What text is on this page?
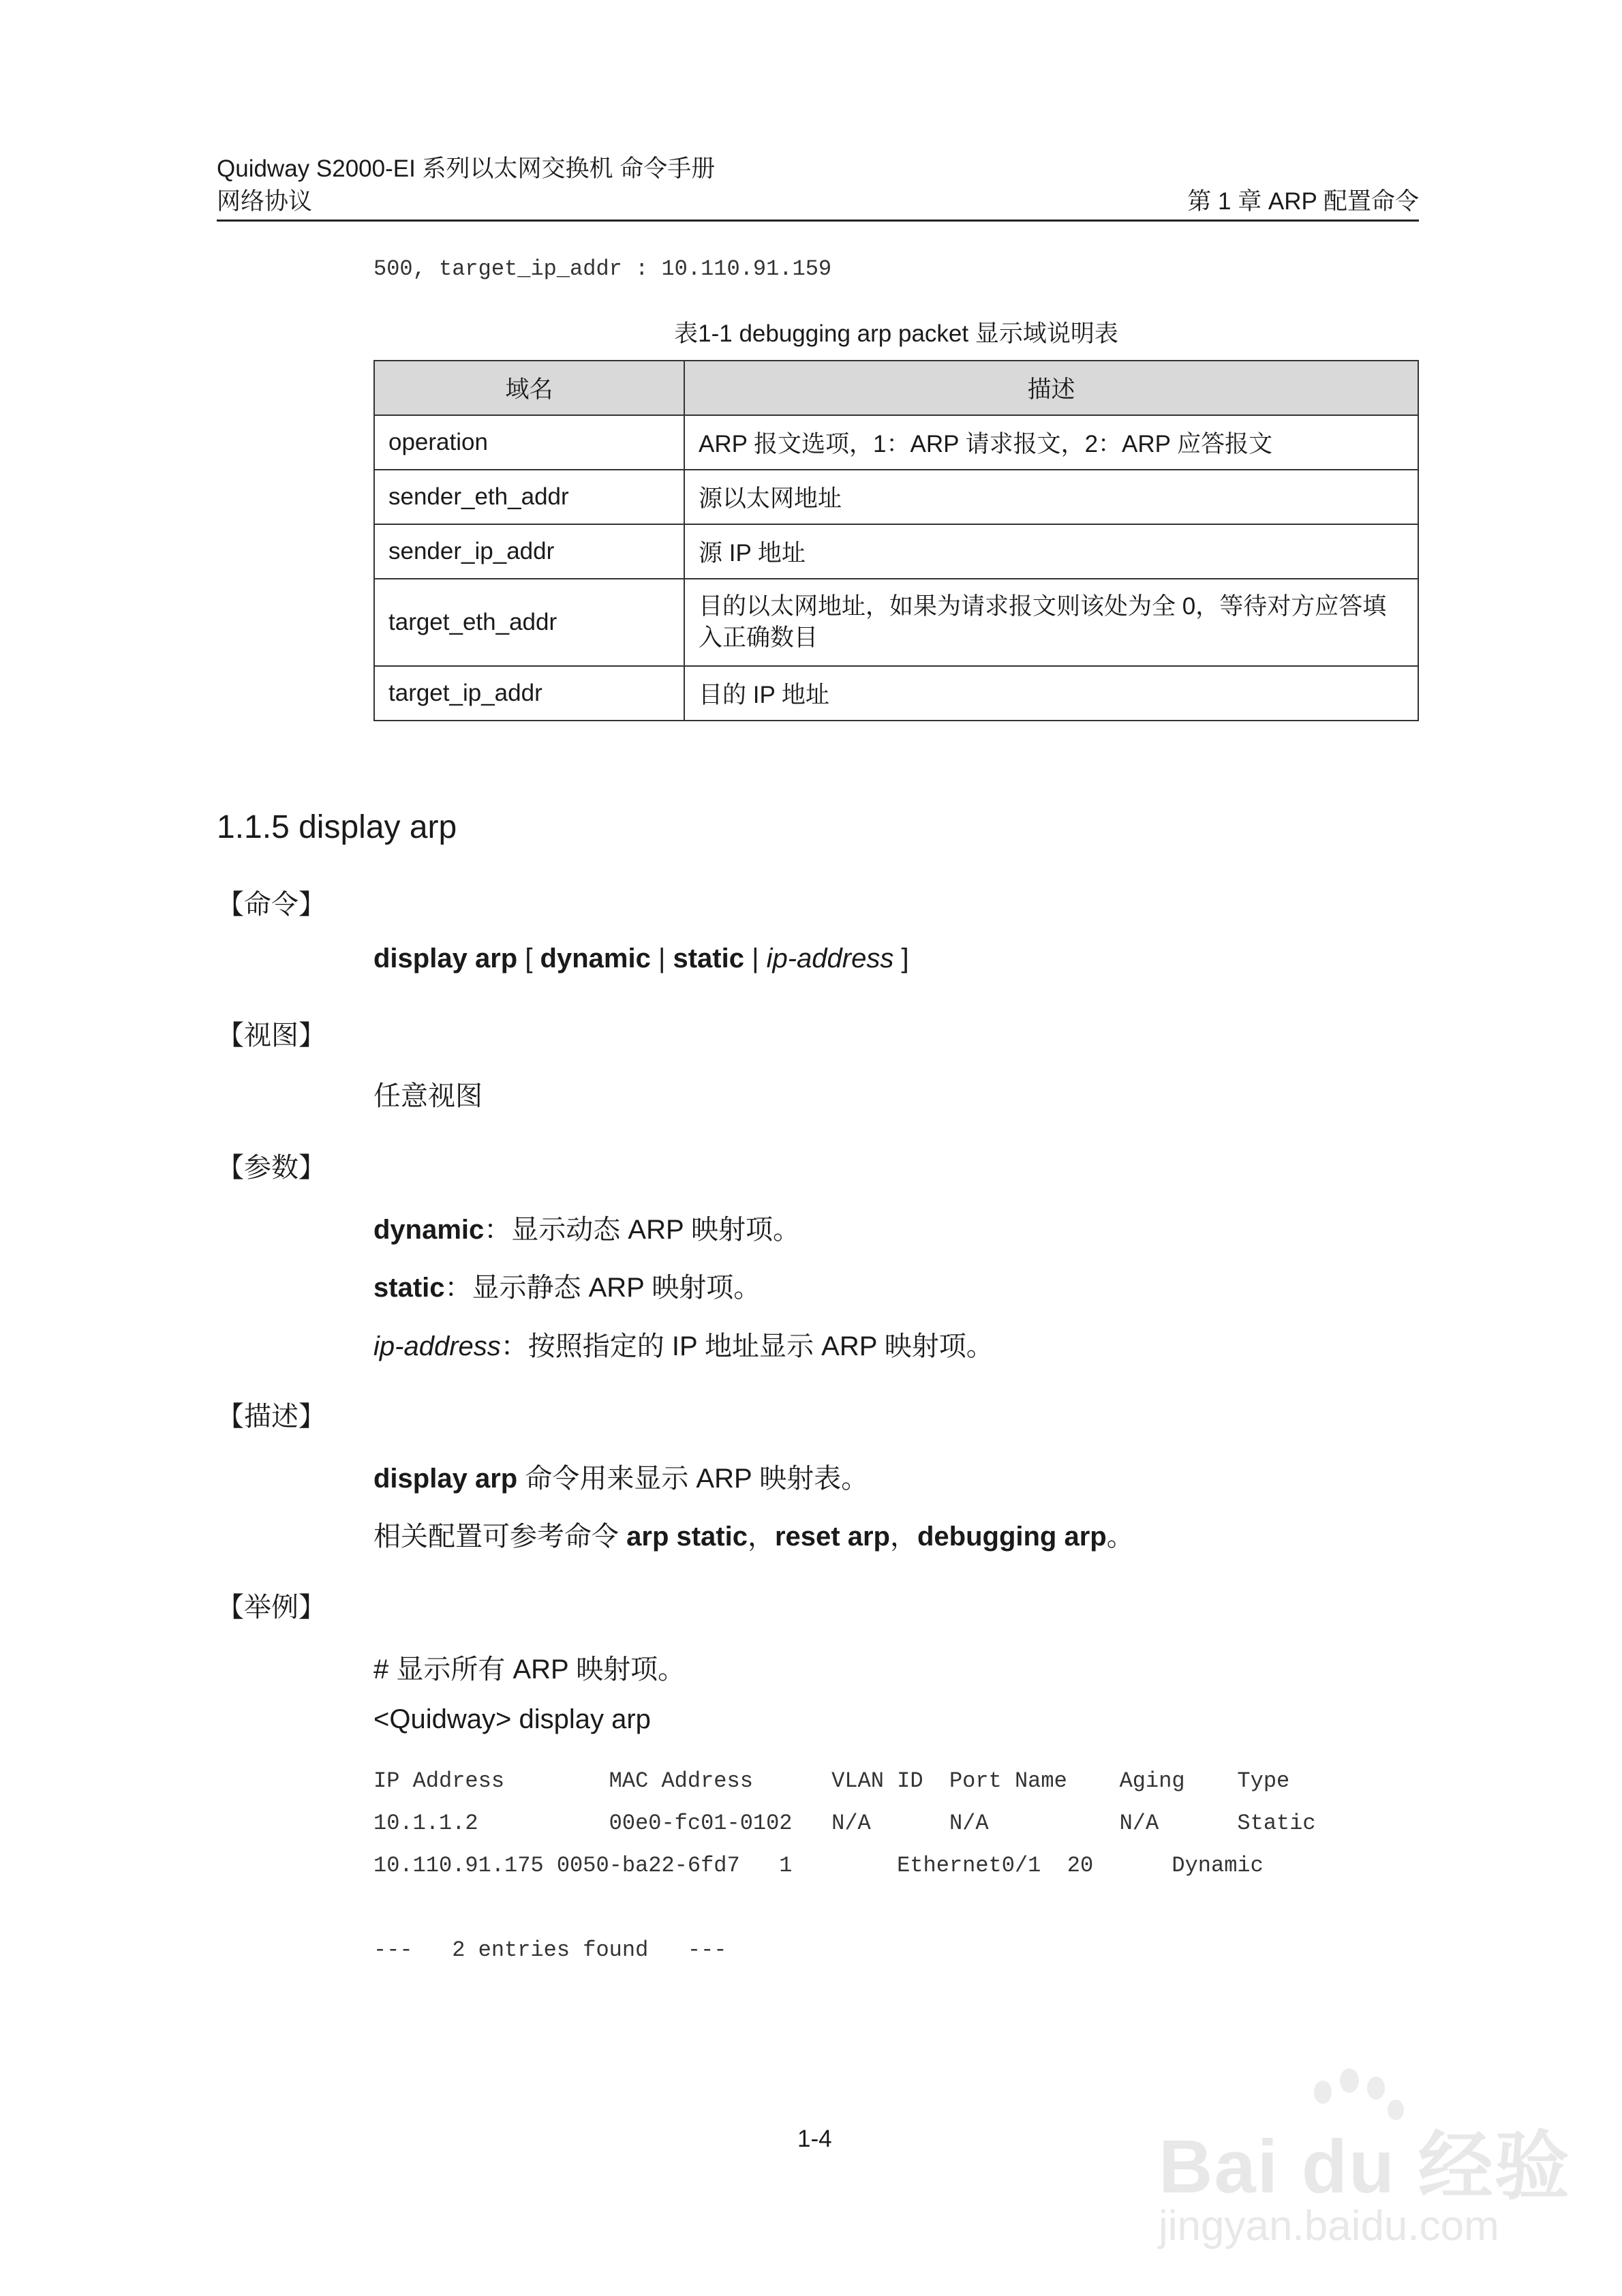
Quidway S2000-EI 系列以太网交换机 命令手册
网络协议	第 1 章 ARP 配置命令
500, target_ip_addr : 10.110.91.159
表1-1 debugging arp packet 显示域说明表
域名	描述
operation	ARP 报文选项，1：ARP 请求报文，2：ARP 应答报文
sender_eth_addr	源以太网地址
sender_ip_addr	源 IP 地址
target_eth_addr	目的以太网地址，如果为请求报文则该处为全 0，等待对方应答填
入正确数目

target_ip_addr	目的 IP 地址
1.1.5 display arp
【命令】
display arp [ dynamic | static | ip-address ]
【视图】
任意视图
【参数】
dynamic：显示动态 ARP 映射项。
static：显示静态 ARP 映射项。
ip-address：按照指定的 IP 地址显示 ARP 映射项。
【描述】
display arp 命令用来显示 ARP 映射表。
相关配置可参考命令 arp static，reset arp，debugging arp。
【举例】
# 显示所有 ARP 映射项。
<Quidway> display arp
IP Address        MAC Address      VLAN ID  Port Name    Aging    Type
10.1.1.2          00e0-fc01-0102   N/A      N/A          N/A      Static
10.110.91.175 0050-ba22-6fd7   1        Ethernet0/1  20      Dynamic
---   2 entries found   ---
1-4	Bai du 经验
jingyan.baidu.com
